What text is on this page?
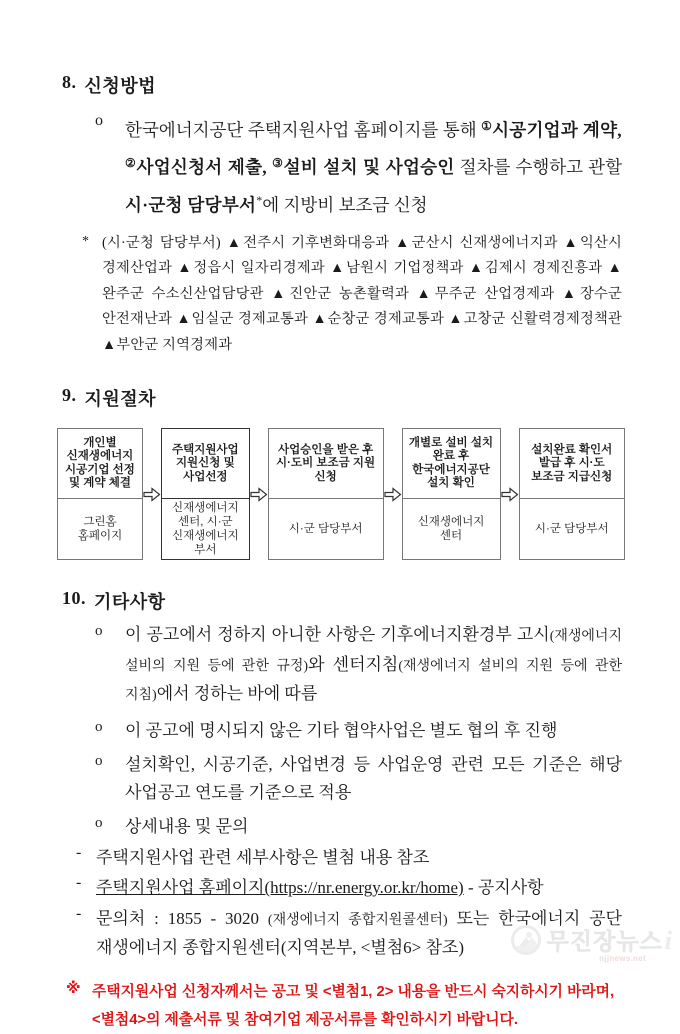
8. 신청방법
o	한국에너지공단 주택지원사업 홈페이지를 통해 ①시공기업과 계약, ②사업신청서 제출, ③설비 설치 및 사업승인 절차를 수행하고 관할 시·군청 담당부서*에 지방비 보조금 신청

* (시·군청 담당부서) ▲전주시 기후변화대응과 ▲군산시 신재생에너지과 ▲익산시 경제산업과 ▲정읍시 일자리경제과 ▲남원시 기업정책과 ▲김제시 경제진흥과 ▲완주군 수소신산업담당관 ▲진안군 농촌활력과 ▲무주군 산업경제과 ▲장수군 안전재난과 ▲임실군 경제교통과 ▲순창군 경제교통과 ▲고창군 신활력경제정책관 ▲부안군 지역경제과

9. 지원절차
개인별 신재생에너지 시공기업 선정 및 계약 체결
그린홈 홈페이지
주택지원사업 지원신청 및 사업선정
신재생에너지 센터, 시·군 신재생에너지 부서
사업승인을 받은 후 시·도비 보조금 지원 신청
시·군 담당부서
개별로 설비 설치 완료 후 한국에너지공단 설치 확인
신재생에너지 센터
설치완료 확인서 발급 후 시·도 보조금 지급신청
시·군 담당부서
10. 기타사항
o	이 공고에서 정하지 아니한 사항은 기후에너지환경부 고시(재생에너지 설비의 지원 등에 관한 규정)와 센터지침(재생에너지 설비의 지원 등에 관한 지침)에서 정하는 바에 따름

o	이 공고에 명시되지 않은 기타 협약사업은 별도 협의 후 진행

o	설치확인, 시공기준, 사업변경 등 사업운영 관련 모든 기준은 해당 사업공고 연도를 기준으로 적용

o	상세내용 및 문의

- 주택지원사업 관련 세부사항은 별첨 내용 참조

- 주택지원사업 홈페이지(https://nr.energy.or.kr/home) - 공지사항

- 문의처 : 1855 - 3020 (재생에너지 종합지원콜센터) 또는 한국에너지 공단 재생에너지 종합지원센터(지역본부, <별첨6> 참조)

※ 주택지원사업 신청자께서는 공고 및 <별첨1, 2> 내용을 반드시 숙지하시기 바라며, <별첨4>의 제출서류 및 참여기업 제공서류를 확인하시기 바랍니다.

무진장뉴스i
njjnews.net
